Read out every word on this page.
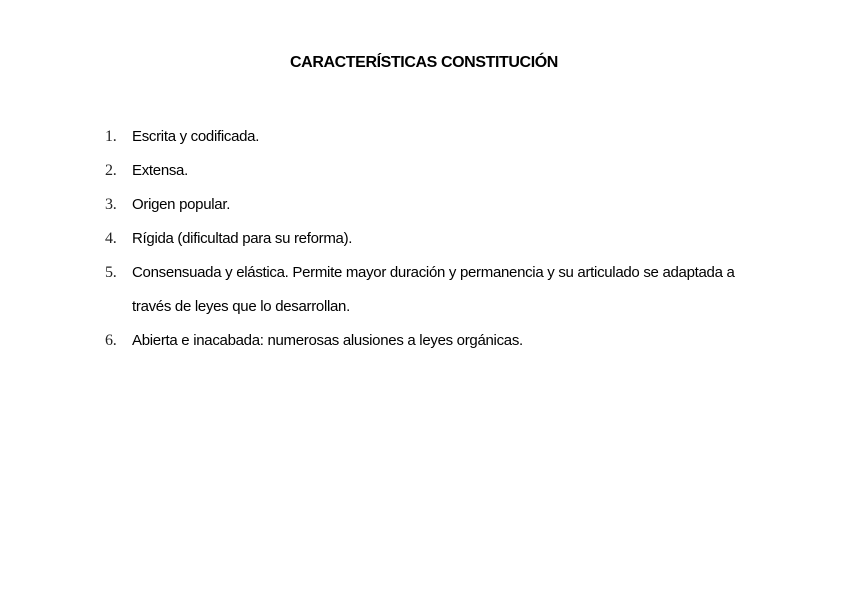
CARACTERÍSTICAS CONSTITUCIÓN
1. Escrita y codificada.
2. Extensa.
3. Origen popular.
4. Rígida (dificultad para su reforma).
5. Consensuada y elástica. Permite mayor duración y permanencia y su articulado se adaptada a través de leyes que lo desarrollan.
6. Abierta e inacabada: numerosas alusiones a leyes orgánicas.
